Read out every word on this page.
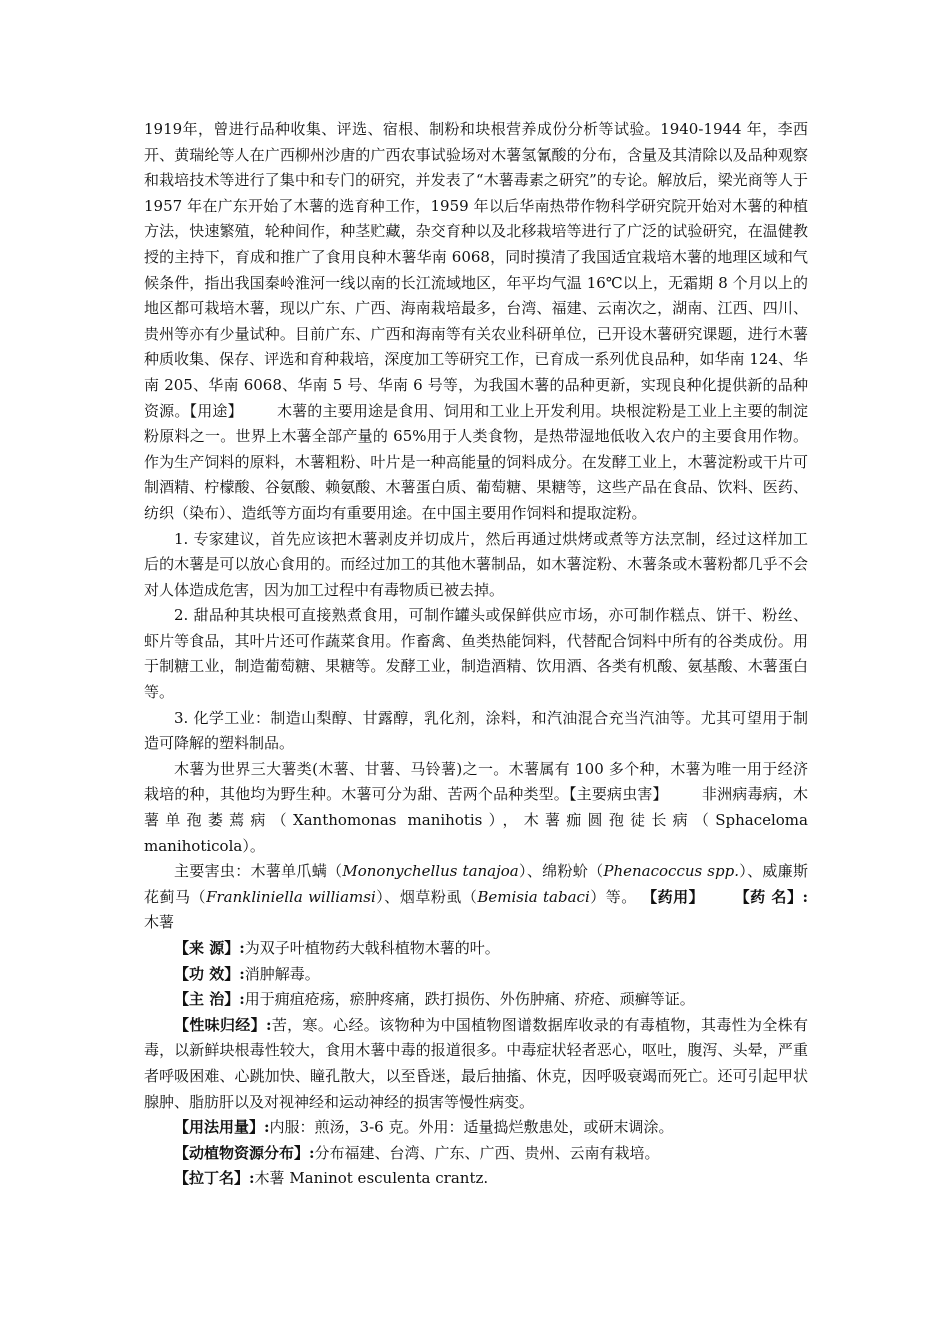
1919年，曾进行品种收集、评选、宿根、制粉和块根营养成份分析等试验。1940-1944 年，李西开、黄瑞纶等人在广西柳州沙唐的广西农事试验场对木薯氢氰酸的分布，含量及其清除以及品种观察和栽培技术等进行了集中和专门的研究，并发表了“木薯毒素之研究”的专论。解放后，梁光商等人于 1957 年在广东开始了木薯的选育种工作，1959 年以后华南热带作物科学研究院开始对木薯的种植方法，快速繁殖，轮种间作，种茎贮藏，杂交育种以及北移栽培等进行了广泛的试验研究，在温健教授的主持下，育成和推广了食用良种木薯华南 6068，同时摸清了我国适宜栽培木薯的地理区域和气候条件，指出我国秦岭淮河一线以南的长江流域地区，年平均气温 16℃以上，无霜期 8 个月以上的地区都可栽培木薯，现以广东、广西、海南栽培最多，台湾、福建、云南次之，湖南、江西、四川、贵州等亦有少量试种。目前广东、广西和海南等有关农业科研单位，已开设木薯研究课题，进行木薯种质收集、保存、评选和育种栽培，深度加工等研究工作，已育成一系列优良品种，如华南 124、华南 205、华南 6068、华南 5 号、华南 6 号等，为我国木薯的品种更新，实现良种化提供新的品种资源。【用途】 木薯的主要用途是食用、饲用和工业上开发利用。块根淀粉是工业上主要的制淀粉原料之一。世界上木薯全部产量的 65%用于人类食物，是热带湿地低收入农户的主要食用作物。作为生产饲料的原料，木薯粗粉、叶片是一种高能量的饲料成分。在发酵工业上，木薯淀粉或干片可制酒精、柠檬酸、谷氨酸、赖氨酸、木薯蛋白质、葡萄糖、果糖等，这些产品在食品、饮料、医药、纺织（染布）、造纸等方面均有重要用途。在中国主要用作饲料和提取淀粉。

1. 专家建议，首先应该把木薯剥皮并切成片，然后再通过烘烤或煮等方法烹制，经过这样加工后的木薯是可以放心食用的。而经过加工的其他木薯制品，如木薯淀粉、木薯条或木薯粉都几乎不会对人体造成危害，因为加工过程中有毒物质已被去掉。

2. 甜品种其块根可直接熟煮食用，可制作罐头或保鲜供应市场，亦可制作糕点、饼干、粉丝、虾片等食品，其叶片还可作蔬菜食用。作畜禽、鱼类热能饲料，代替配合饲料中所有的谷类成份。用于制糖工业，制造葡萄糖、果糖等。发酵工业，制造酒精、饮用酒、各类有机酸、氨基酸、木薯蛋白等。

3. 化学工业：制造山梨醇、甘露醇，乳化剂，涂料，和汽油混合充当汽油等。尤其可望用于制造可降解的塑料制品。

木薯为世界三大薯类(木薯、甘薯、马铃薯)之一。木薯属有 100 多个种，木薯为唯一用于经济栽培的种，其他均为野生种。木薯可分为甜、苦两个品种类型。【主要病虫害】 非洲病毒病，木薯单孢萎蔫病（Xanthomonas manihotis），木薯痂圆孢徒长病（Sphaceloma manihoticola）。

主要害虫：木薯单爪螨（Mononychellus tanajoa）、绵粉蚧（Phenacoccus spp.）、威廉斯花蓟马（Frankliniella williamsi）、烟草粉虱（Bemisia tabaci）等。 【药用】 【药 名】:木薯

【来 源】:为双子叶植物药大戟科植物木薯的叶。

【功 效】:消肿解毒。

【主 治】:用于痈疽疮疡，瘀肿疼痛，跌打损伤、外伤肿痛、疥疮、顽癣等证。

【性味归经】:苦，寒。心经。该物种为中国植物图谱数据库收录的有毒植物，其毒性为全株有毒，以新鲜块根毒性较大，食用木薯中毒的报道很多。中毒症状轻者恶心，呕吐，腹泻、头晕，严重者呼吸困难、心跳加快、瞳孔散大，以至昏迷，最后抽搐、休克，因呼吸衰竭而死亡。还可引起甲状腺肿、脂肪肝以及对视神经和运动神经的损害等慢性病变。

【用法用量】:内服：煎汤，3-6 克。外用：适量捣烂敷患处，或研末调涂。

【动植物资源分布】:分布福建、台湾、广东、广西、贵州、云南有栽培。

【拉丁名】:木薯 Maninot esculenta crantz.
